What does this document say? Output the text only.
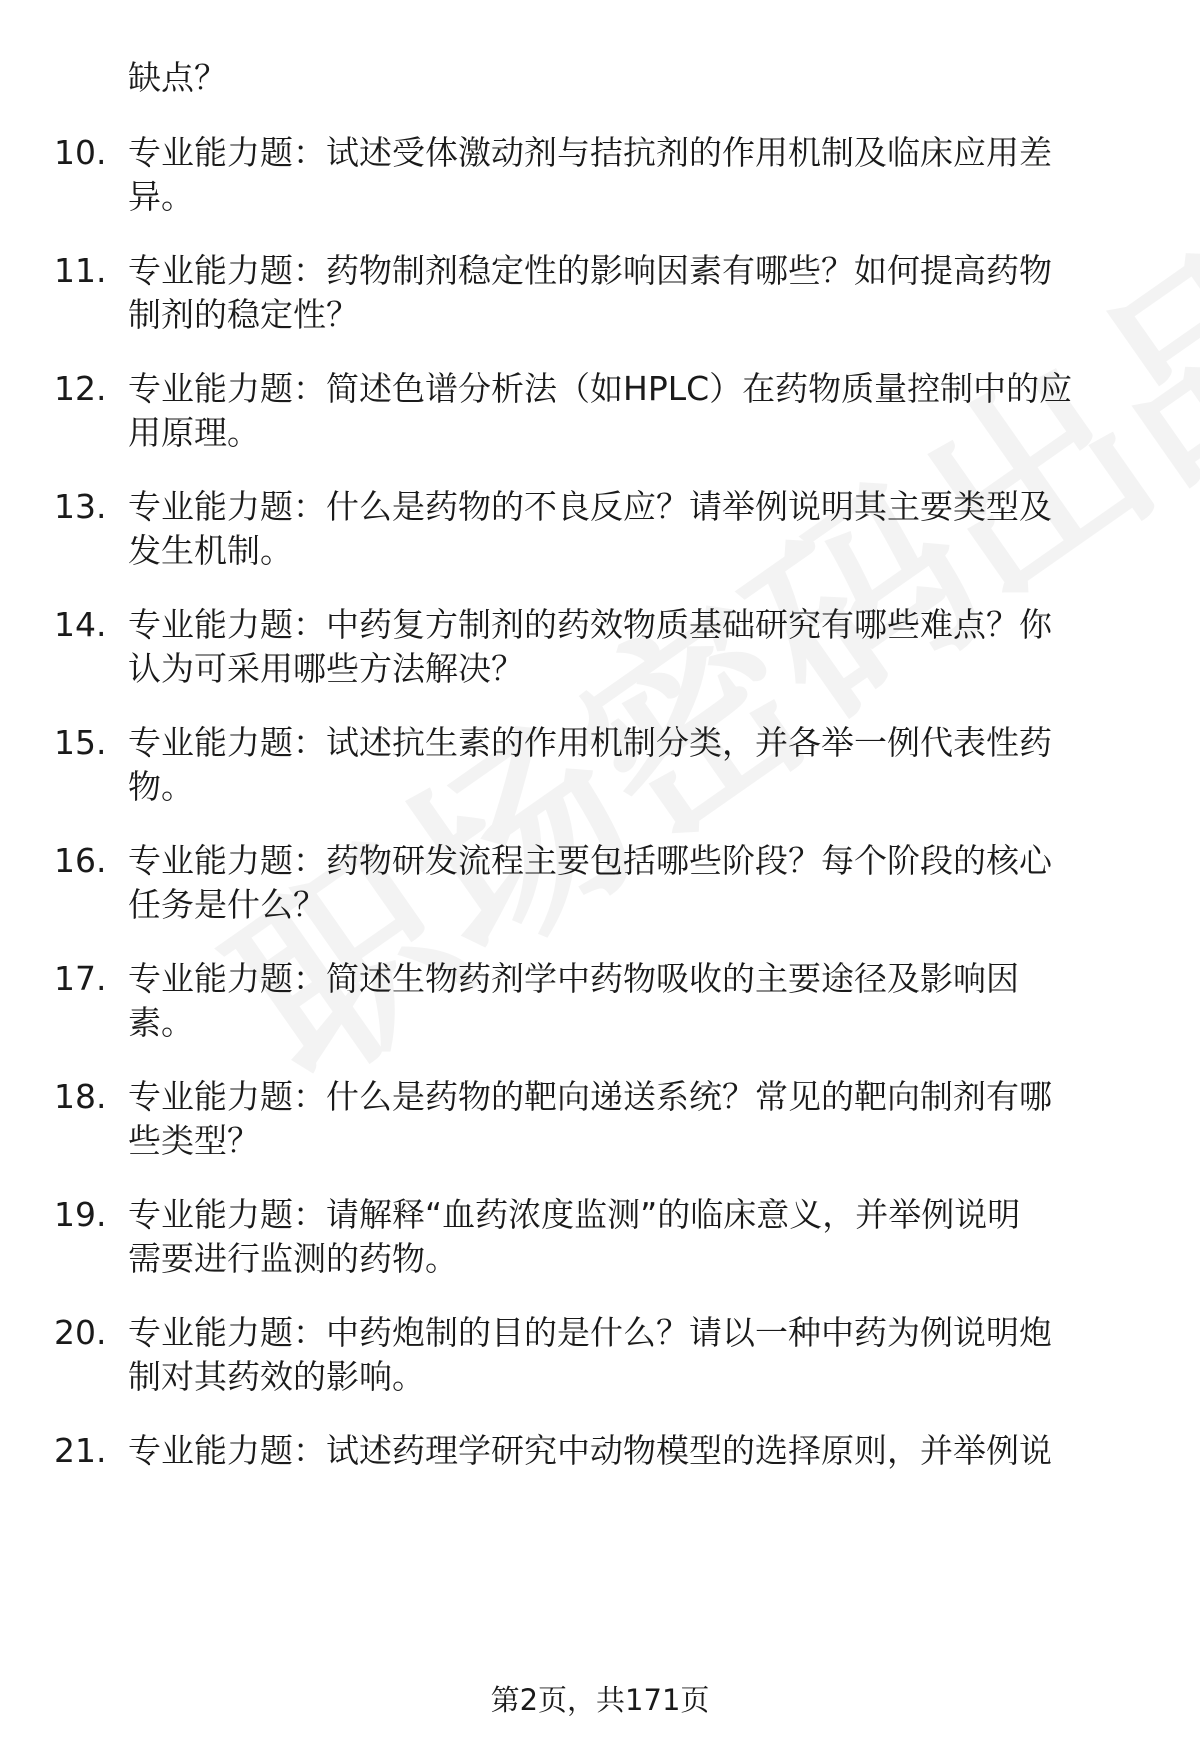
缺点？
10. 专业能力题：试述受体激动剂与拮抗剂的作用机制及临床应用差
异。
11. 专业能力题：药物制剂稳定性的影响因素有哪些？如何提高药物
制剂的稳定性？
12. 专业能力题：简述色谱分析法（如HPLC）在药物质量控制中的应
用原理。
13. 专业能力题：什么是药物的不良反应？请举例说明其主要类型及
发生机制。
14. 专业能力题：中药复方制剂的药效物质基础研究有哪些难点？你
认为可采用哪些方法解决？
15. 专业能力题：试述抗生素的作用机制分类，并各举一例代表性药
物。
16. 专业能力题：药物研发流程主要包括哪些阶段？每个阶段的核心
任务是什么？
17. 专业能力题：简述生物药剂学中药物吸收的主要途径及影响因
素。
18. 专业能力题：什么是药物的靶向递送系统？常见的靶向制剂有哪
些类型？
19. 专业能力题：请解释“血药浓度监测”的临床意义，并举例说明
需要进行监测的药物。
20. 专业能力题：中药炮制的目的是什么？请以一种中药为例说明炮
制对其药效的影响。
21. 专业能力题：试述药理学研究中动物模型的选择原则，并举例说
第2页，共171页
